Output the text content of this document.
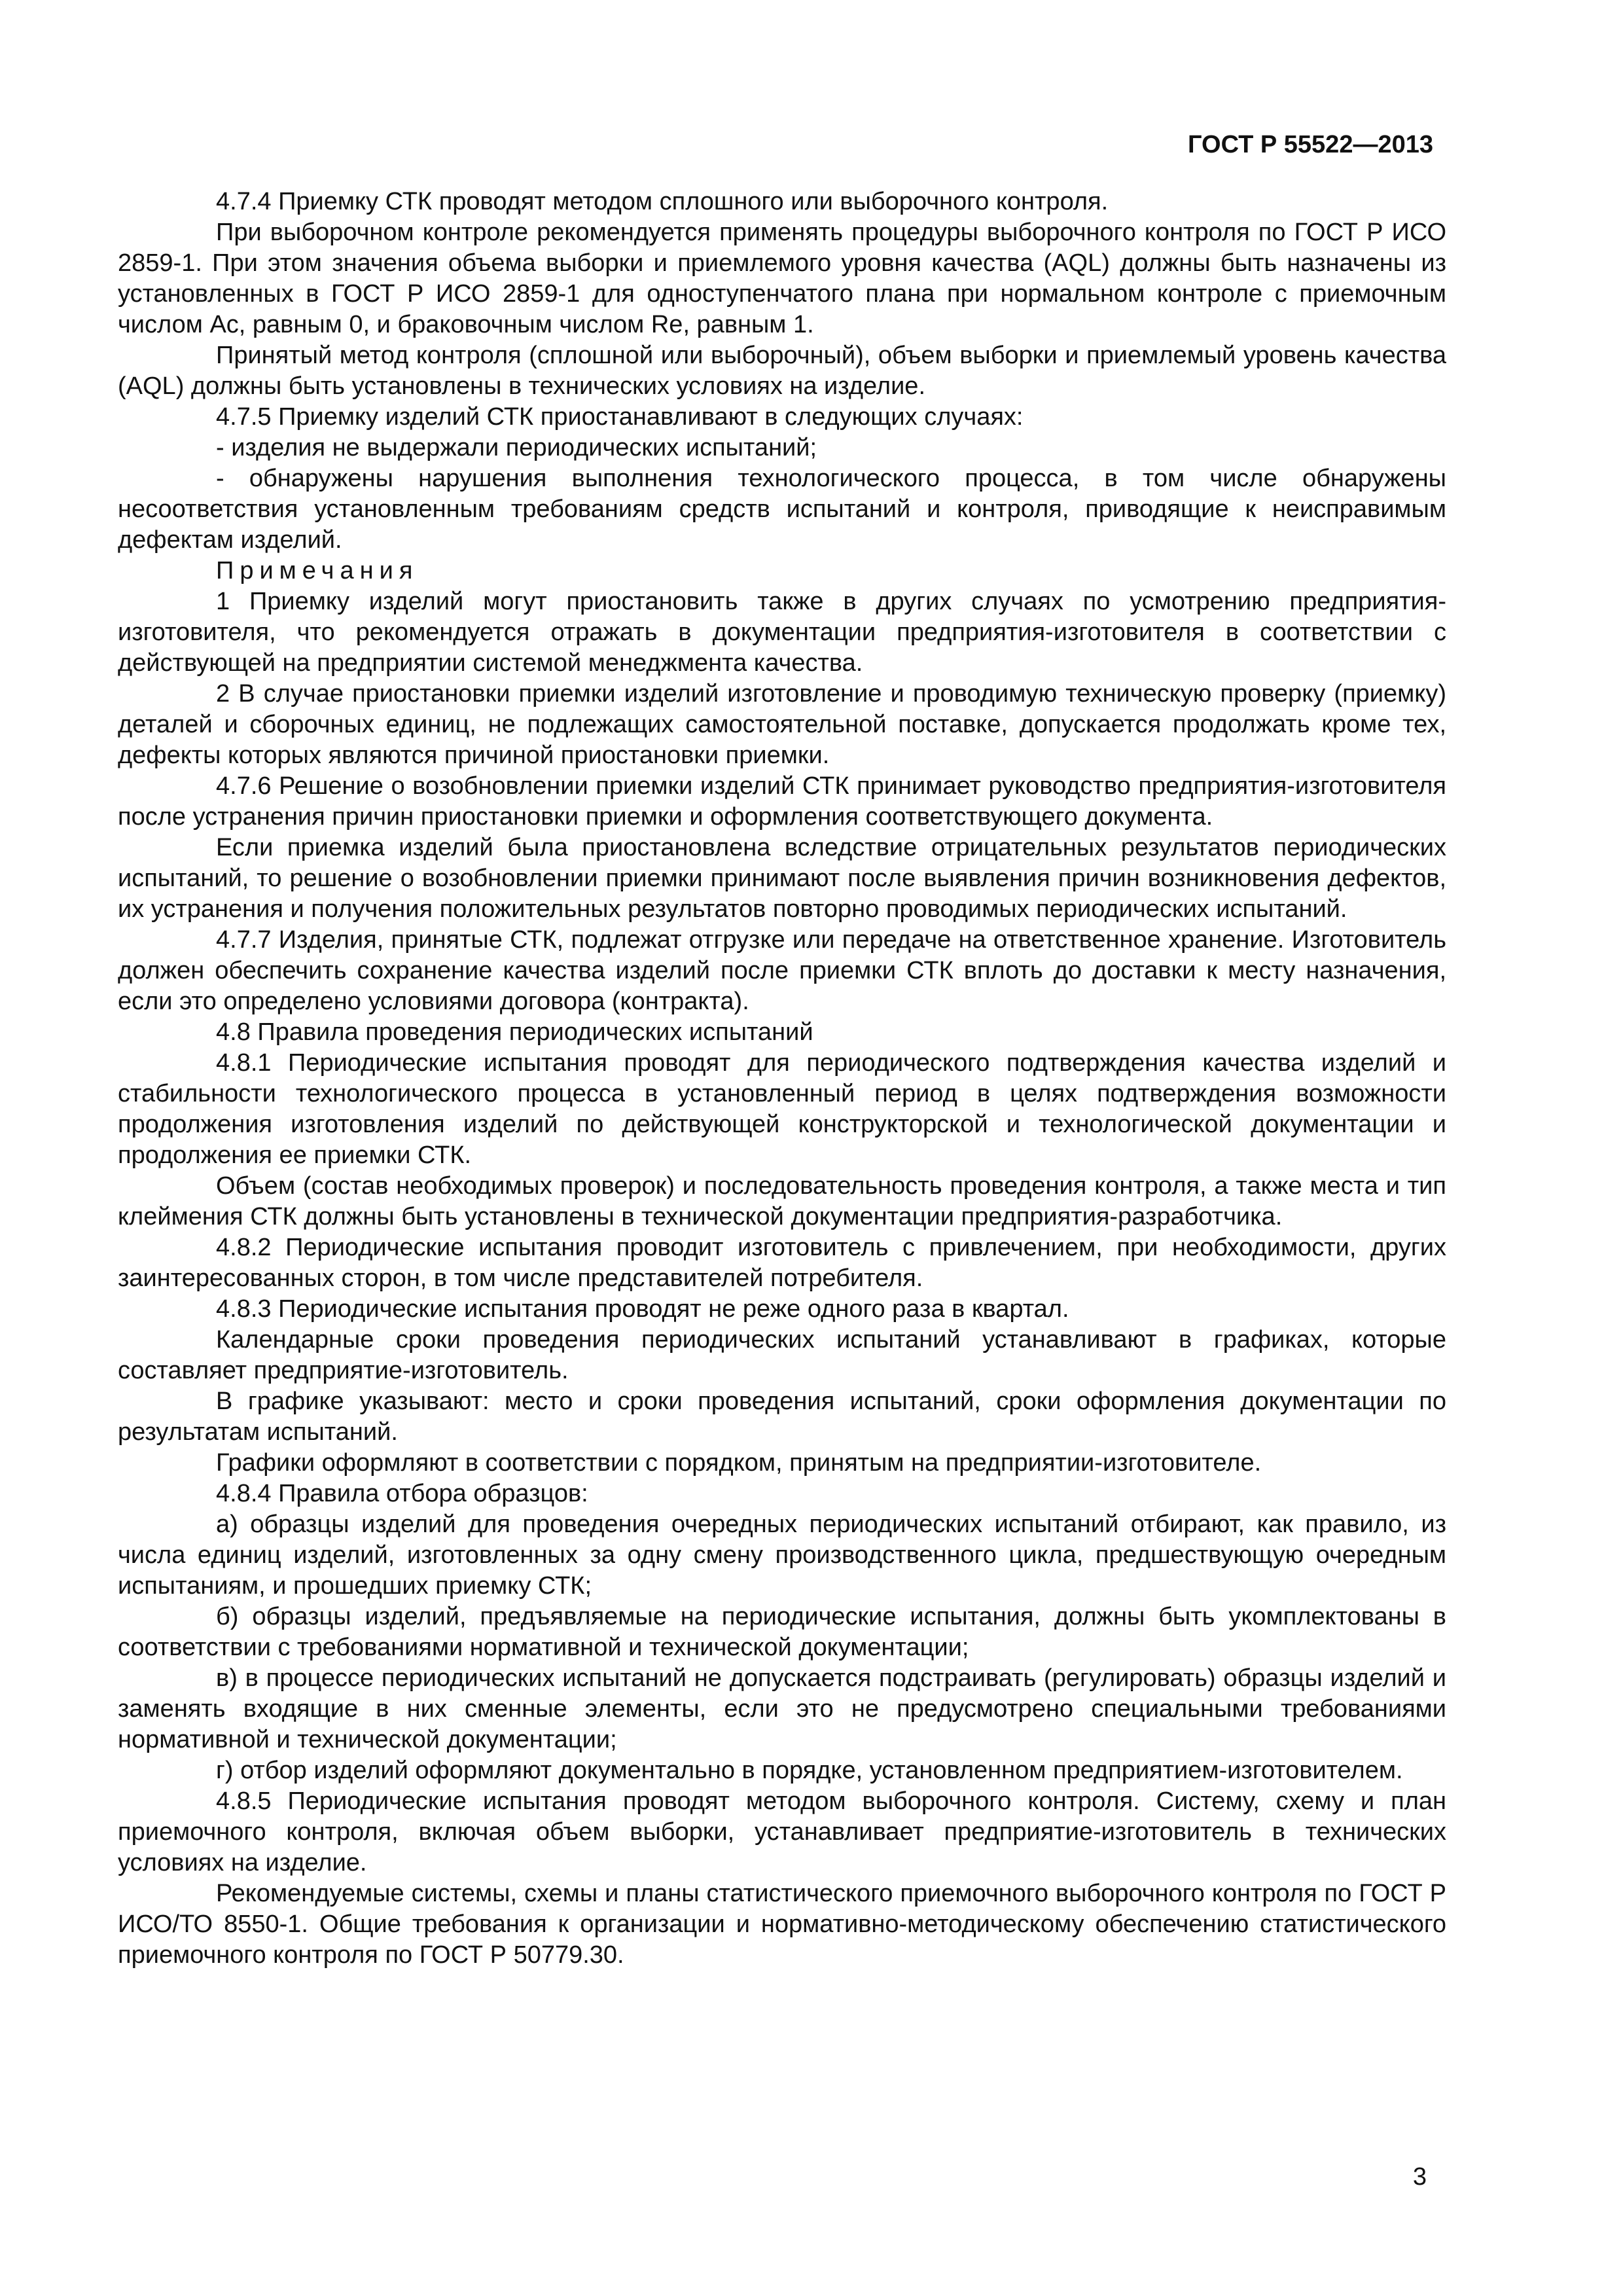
ГОСТ Р 55522—2013

4.7.4 Приемку СТК проводят методом сплошного или выборочного контроля.

При выборочном контроле рекомендуется применять процедуры выборочного контроля по ГОСТ Р ИСО 2859-1. При этом значения объема выборки и приемлемого уровня качества (AQL) должны быть назначены из установленных в ГОСТ Р ИСО 2859-1 для одноступенчатого плана при нормальном контроле с приемочным числом Ac, равным 0, и браковочным числом Re, равным 1.

Принятый метод контроля (сплошной или выборочный), объем выборки и приемлемый уровень качества (AQL) должны быть установлены в технических условиях на изделие.

4.7.5 Приемку изделий СТК приостанавливают в следующих случаях:

- изделия не выдержали периодических испытаний;

- обнаружены нарушения выполнения технологического процесса, в том числе обнаружены несоответствия установленным требованиям средств испытаний и контроля, приводящие к неисправимым дефектам изделий.

Примечания

1 Приемку изделий могут приостановить также в других случаях по усмотрению предприятия-изготовителя, что рекомендуется отражать в документации предприятия-изготовителя в соответствии с действующей на предприятии системой менеджмента качества.

2 В случае приостановки приемки изделий изготовление и проводимую техническую проверку (приемку) деталей и сборочных единиц, не подлежащих самостоятельной поставке, допускается продолжать кроме тех, дефекты которых являются причиной приостановки приемки.

4.7.6 Решение о возобновлении приемки изделий СТК принимает руководство предприятия-изготовителя после устранения причин приостановки приемки и оформления соответствующего документа.

Если приемка изделий была приостановлена вследствие отрицательных результатов периодических испытаний, то решение о возобновлении приемки принимают после выявления причин возникновения дефектов, их устранения и получения положительных результатов повторно проводимых периодических испытаний.

4.7.7 Изделия, принятые СТК, подлежат отгрузке или передаче на ответственное хранение. Изготовитель должен обеспечить сохранение качества изделий после приемки СТК вплоть до доставки к месту назначения, если это определено условиями договора (контракта).

4.8 Правила проведения периодических испытаний

4.8.1 Периодические испытания проводят для периодического подтверждения качества изделий и стабильности технологического процесса в установленный период в целях подтверждения возможности продолжения изготовления изделий по действующей конструкторской и технологической документации и продолжения ее приемки СТК.

Объем (состав необходимых проверок) и последовательность проведения контроля, а также места и тип клеймения СТК должны быть установлены в технической документации предприятия-разработчика.

4.8.2 Периодические испытания проводит изготовитель с привлечением, при необходимости, других заинтересованных сторон, в том числе представителей потребителя.

4.8.3 Периодические испытания проводят не реже одного раза в квартал.

Календарные сроки проведения периодических испытаний устанавливают в графиках, которые составляет предприятие-изготовитель.

В графике указывают: место и сроки проведения испытаний, сроки оформления документации по результатам испытаний.

Графики оформляют в соответствии с порядком, принятым на предприятии-изготовителе.

4.8.4 Правила отбора образцов:

а) образцы изделий для проведения очередных периодических испытаний отбирают, как правило, из числа единиц изделий, изготовленных за одну смену производственного цикла, предшествующую очередным испытаниям, и прошедших приемку СТК;

б) образцы изделий, предъявляемые на периодические испытания, должны быть укомплектованы в соответствии с требованиями нормативной и технической документации;

в) в процессе периодических испытаний не допускается подстраивать (регулировать) образцы изделий и заменять входящие в них сменные элементы, если это не предусмотрено специальными требованиями нормативной и технической документации;

г) отбор изделий оформляют документально в порядке, установленном предприятием-изготовителем.

4.8.5 Периодические испытания проводят методом выборочного контроля. Систему, схему и план приемочного контроля, включая объем выборки, устанавливает предприятие-изготовитель в технических условиях на изделие.

Рекомендуемые системы, схемы и планы статистического приемочного выборочного контроля по ГОСТ Р ИСО/ТО 8550-1. Общие требования к организации и нормативно-методическому обеспечению статистического приемочного контроля по ГОСТ Р 50779.30.

3
